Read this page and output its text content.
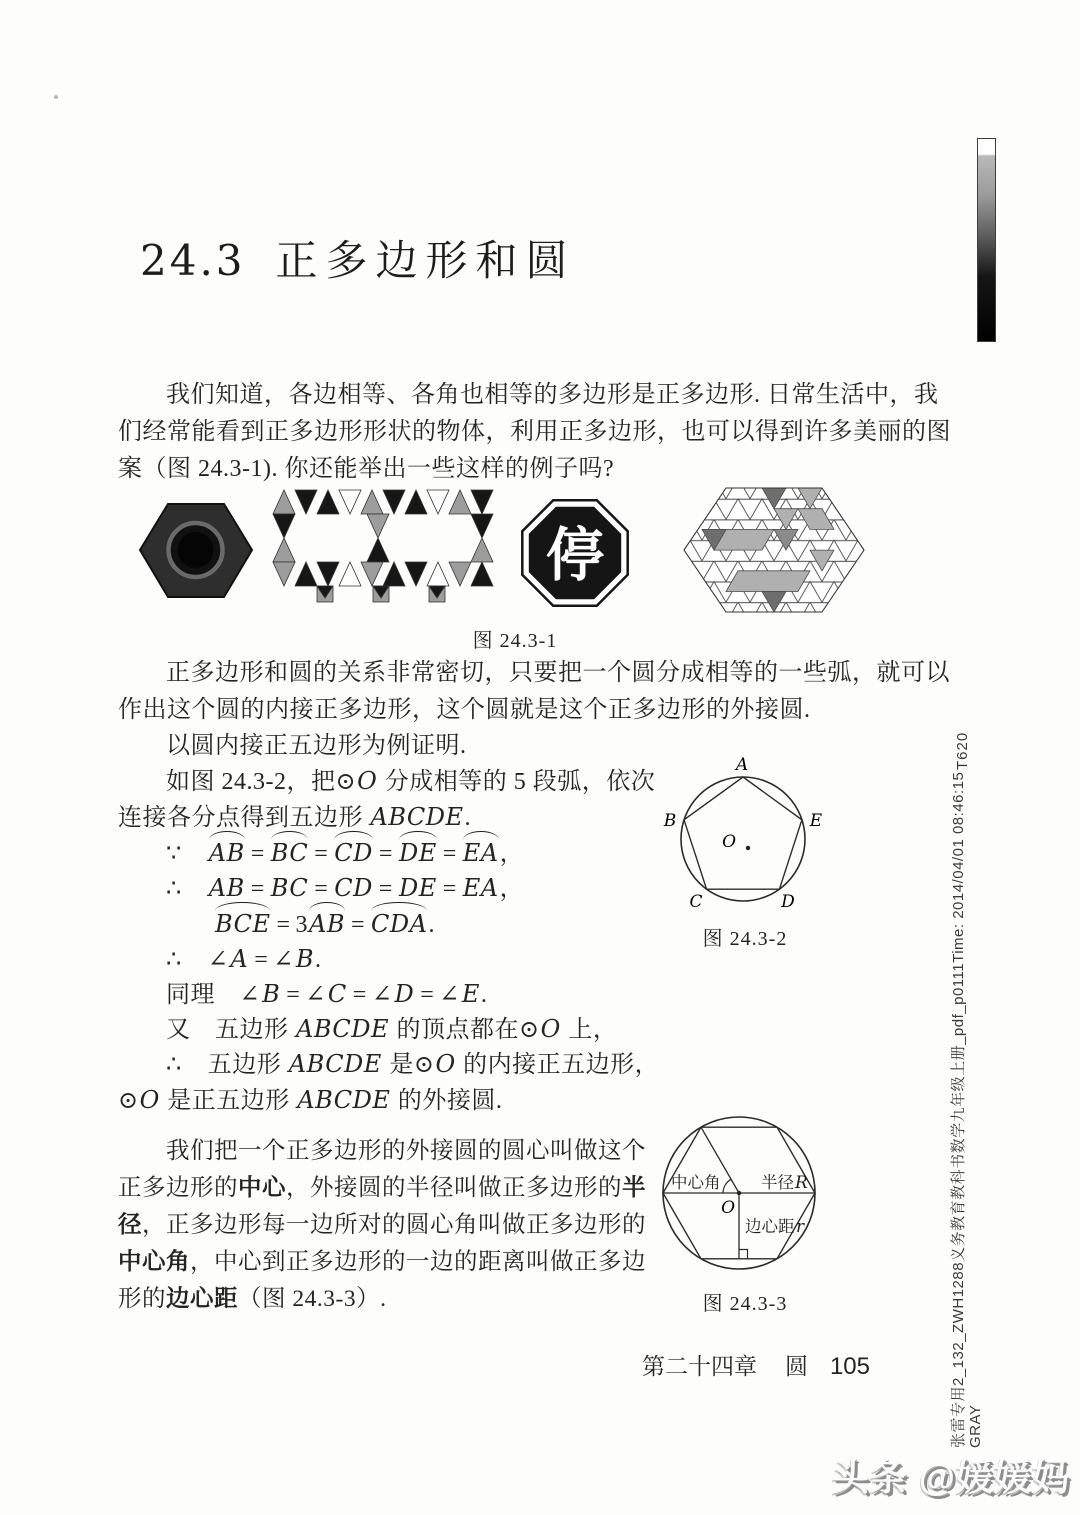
24.3 正多边形和圆
我们知道，各边相等、各角也相等的多边形是正多边形. 日常生活中，我
们经常能看到正多边形形状的物体，利用正多边形，也可以得到许多美丽的图
案（图 24.3-1). 你还能举出一些这样的例子吗?
停
图 24.3-1
正多边形和圆的关系非常密切，只要把一个圆分成相等的一些弧，就可以
作出这个圆的内接正多边形，这个圆就是这个正多边形的外接圆.
以圆内接正五边形为例证明.
如图 24.3-2，把⊙O 分成相等的 5 段弧，依次
连接各分点得到五边形 ABCDE.
∵ AB = BC = CD = DE = EA，
∴ AB = BC = CD = DE = EA，
BCE = 3AB = CDA.
∴ ∠A = ∠B.
同理　∠B = ∠C = ∠D = ∠E.
又　五边形 ABCDE 的顶点都在⊙O 上，
∴ 五边形 ABCDE 是⊙O 的内接正五边形，
⊙O 是正五边形 ABCDE 的外接圆.
A
B	E
C	D
O
图 24.3-2
我们把一个正多边形的外接圆的圆心叫做这个
正多边形的中心，外接圆的半径叫做正多边形的半
径，正多边形每一边所对的圆心角叫做正多边形的
中心角，中心到正多边形的一边的距离叫做正多边
形的边心距（图 24.3-3）.
中心角 半径 R
O
边心距 r
图 24.3-3
第二十四章 圆 105
T620
张雷专用2_132_ZWH1288义务教育教科书数学九年级上册_pdf_p0111Time: 2014/04/01 08:46:15 GRAY
头条 @媛媛妈
